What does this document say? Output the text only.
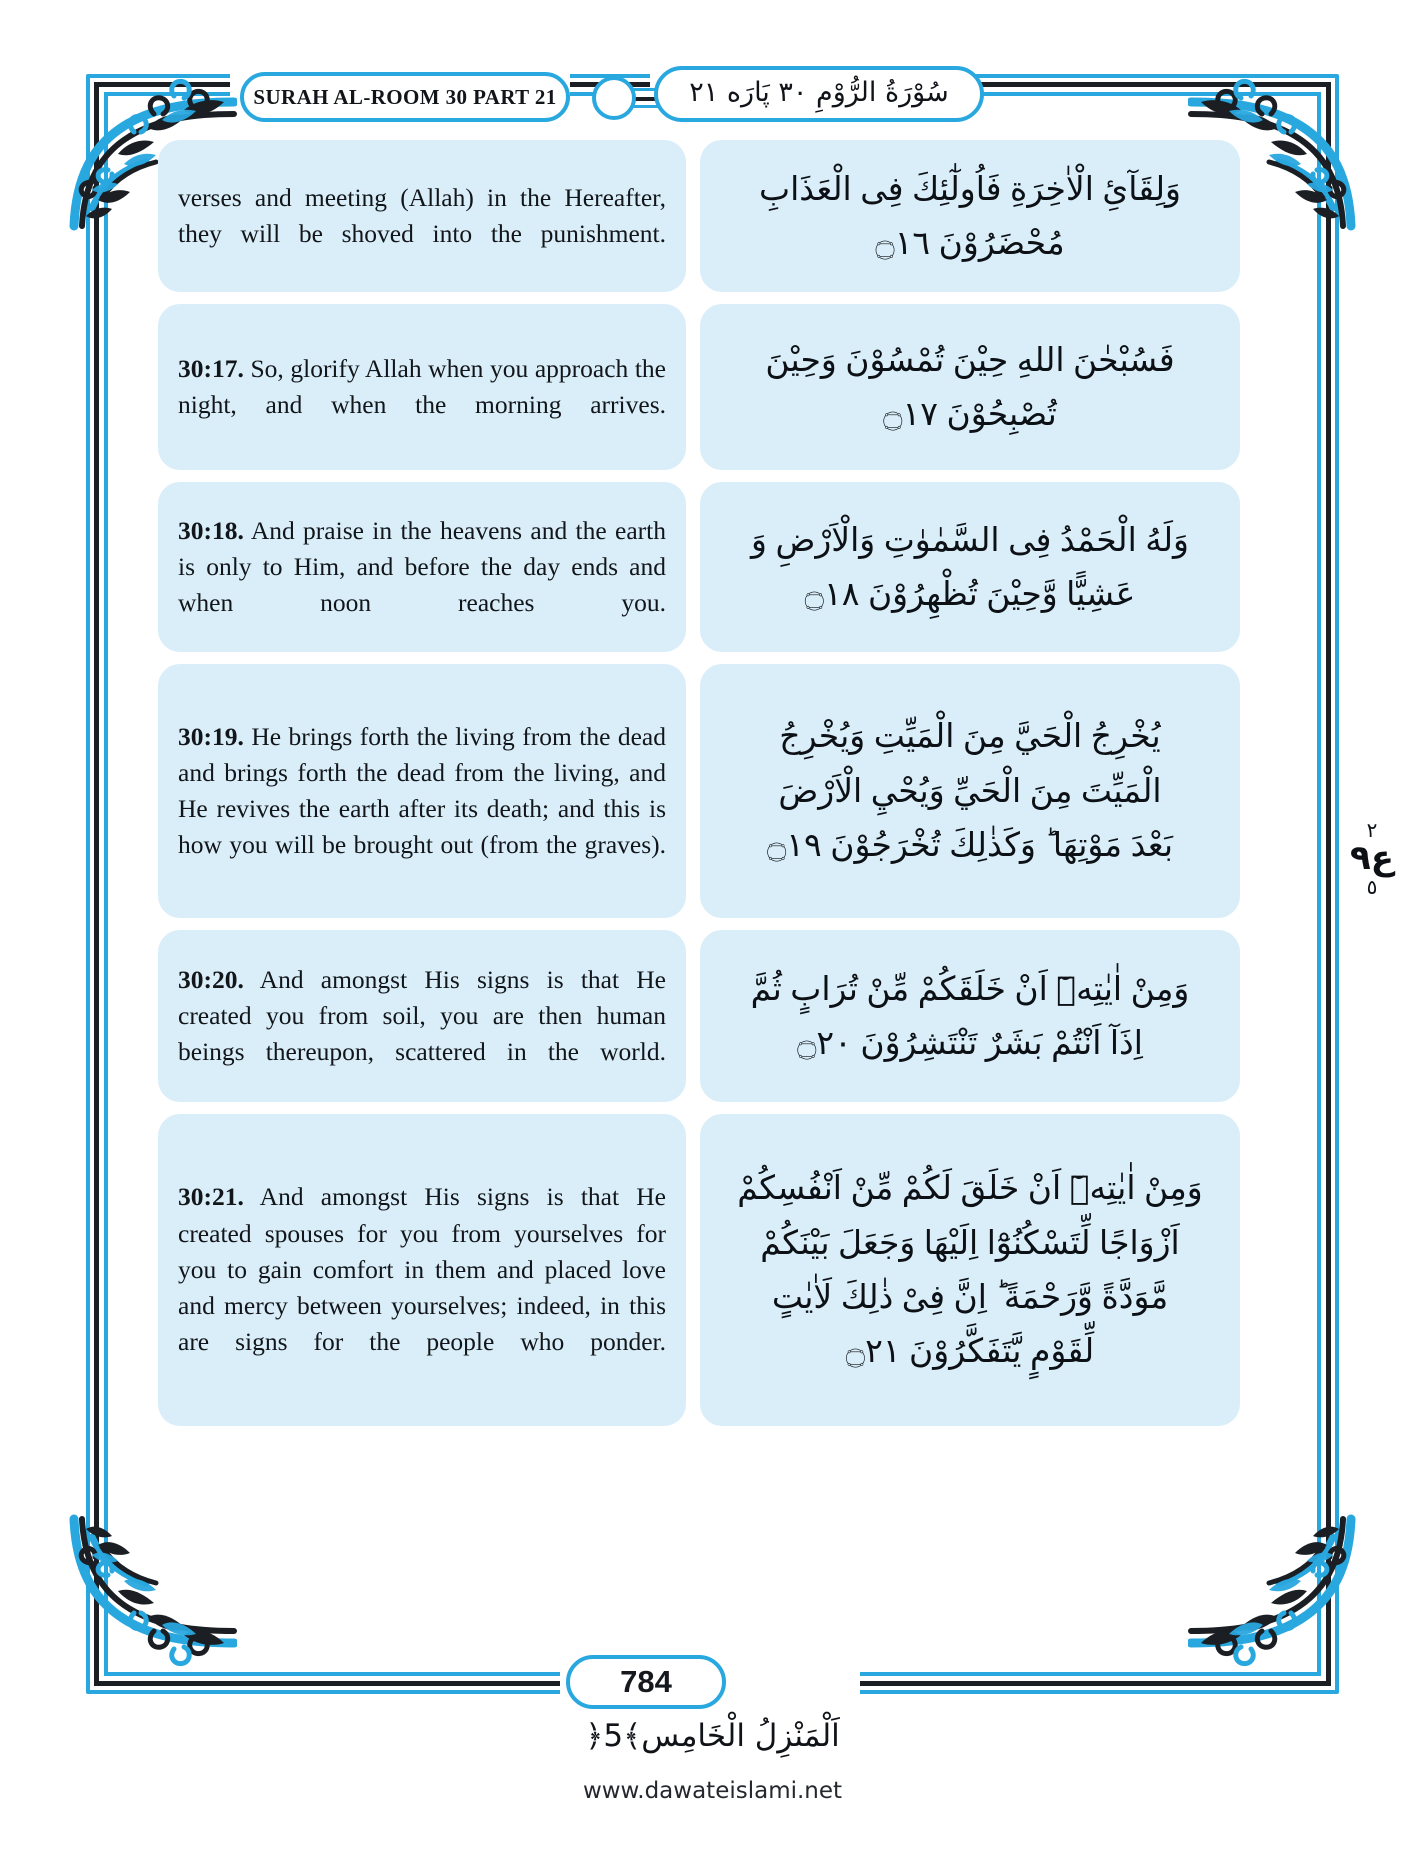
SURAH AL-ROOM 30 PART 21	سُوْرَةُ الرُّوْمِ ٣٠ پَارَه ٢١
٢
ع٩
٥
وَلِقَآئِ الْاٰخِرَةِ فَاُولٰٓئِكَ فِى الْعَذَابِ
مُحْضَرُوْنَ ۝١٦
فَسُبْحٰنَ اللهِ حِيْنَ تُمْسُوْنَ وَحِيْنَ
تُصْبِحُوْنَ ۝١٧
وَلَهُ الْحَمْدُ فِى السَّمٰوٰتِ وَالْاَرْضِ وَ
عَشِيًّا وَّحِيْنَ تُظْهِرُوْنَ ۝١٨
يُخْرِجُ الْحَيَّ مِنَ الْمَيِّتِ وَيُخْرِجُ
الْمَيِّتَ مِنَ الْحَيِّ وَيُحْيِ الْاَرْضَ
بَعْدَ مَوْتِهَا ؕ وَكَذٰلِكَ تُخْرَجُوْنَ ۝١٩
وَمِنْ اٰيٰتِهٖٓ اَنْ خَلَقَكُمْ مِّنْ تُرَابٍ ثُمَّ
اِذَآ اَنْتُمْ بَشَرٌ تَنْتَشِرُوْنَ ۝٢٠
وَمِنْ اٰيٰتِهٖٓ اَنْ خَلَقَ لَكُمْ مِّنْ اَنْفُسِكُمْ
اَزْوَاجًا لِّتَسْكُنُوْٓا اِلَيْهَا وَجَعَلَ بَيْنَكُمْ
مَّوَدَّةً وَّرَحْمَةً ؕ اِنَّ فِىْ ذٰلِكَ لَاٰيٰتٍ
لِّقَوْمٍ يَّتَفَكَّرُوْنَ ۝٢١

verses and meeting (Allah) in the Hereafter, they will be shoved into the punishment.

30:17. So, glorify Allah when you approach the night, and when the morning arrives.

30:18. And praise in the heavens and the earth is only to Him, and before the day ends and when noon reaches you.

30:19. He brings forth the living from the dead and brings forth the dead from the living, and He revives the earth after its death; and this is how you will be brought out (from the graves).

30:20. And amongst His signs is that He created you from soil, you are then human beings thereupon, scattered in the world.

30:21. And amongst His signs is that He created spouses for you from yourselves for you to gain comfort in them and placed love and mercy between yourselves; indeed, in this are signs for the people who ponder.

784
اَلْمَنْزِلُ الْخَامِس﴾5﴿
www.dawateislami.net
